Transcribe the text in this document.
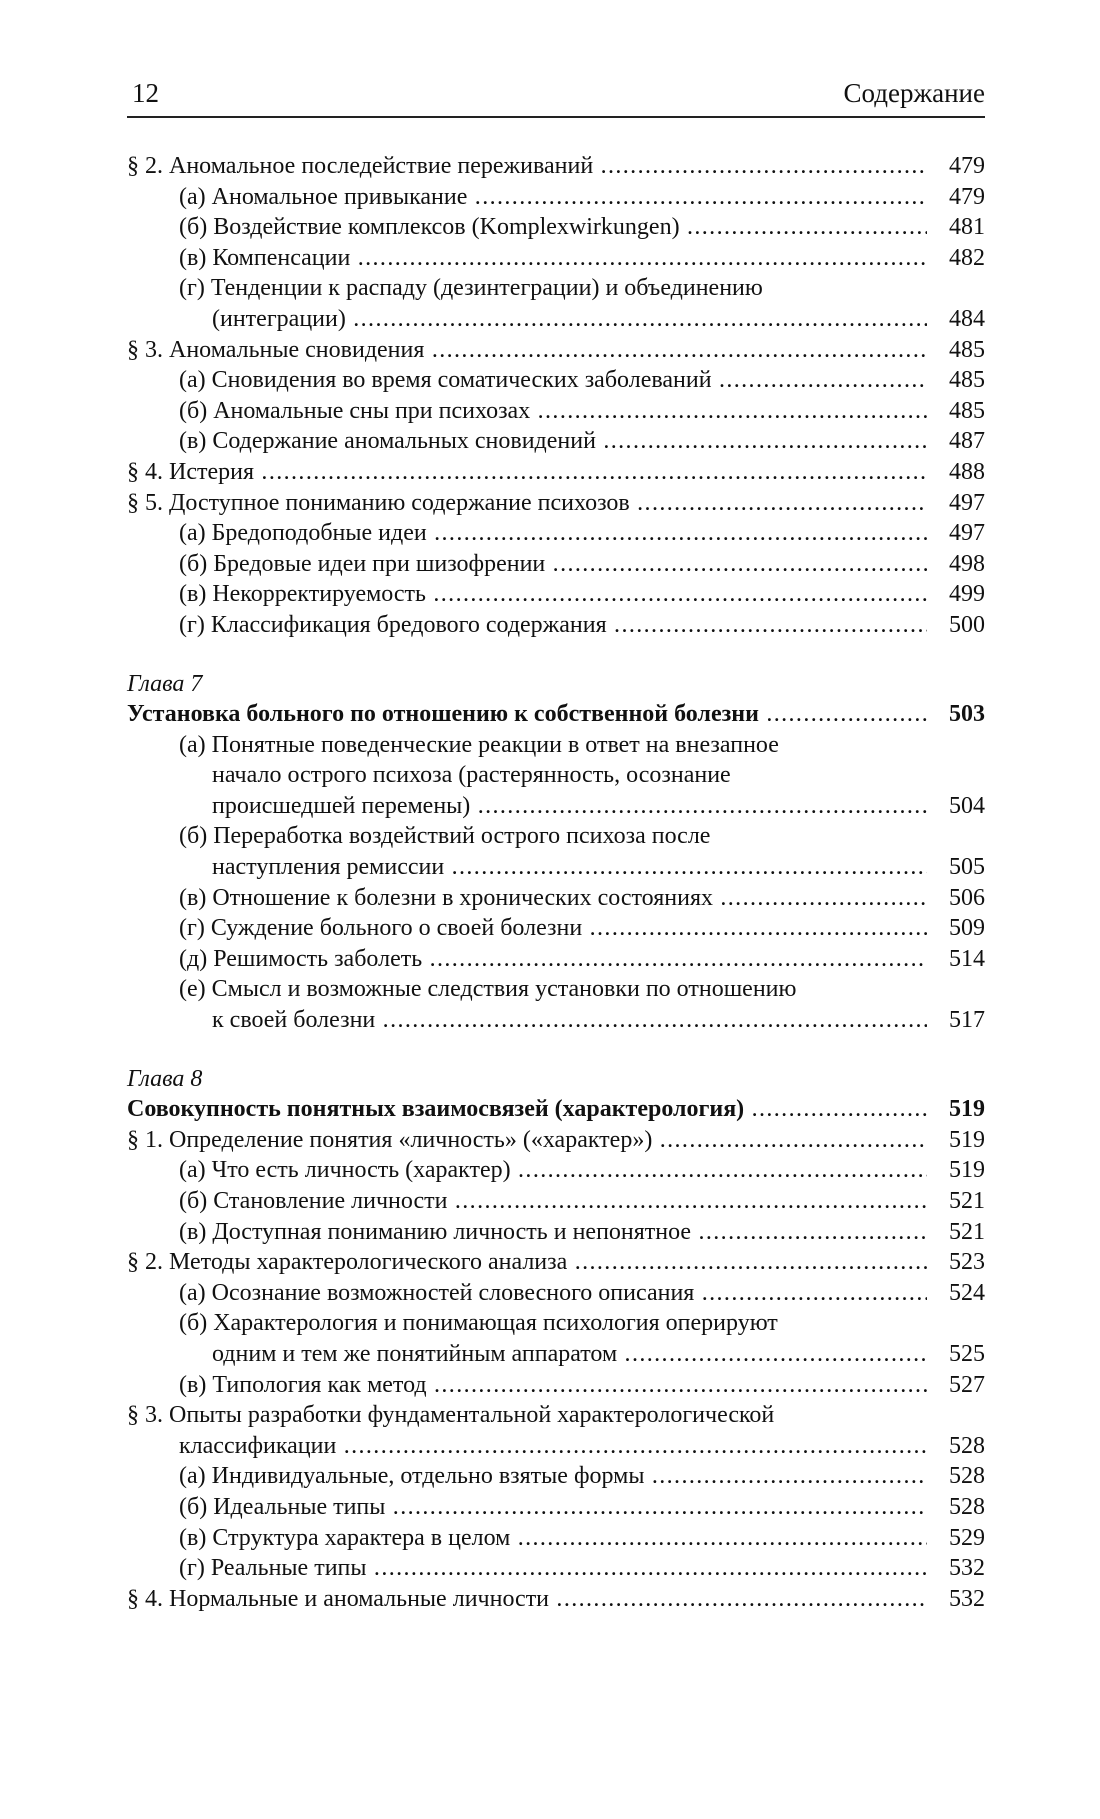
12	Содержание
§ 2. Аномальное последействие переживаний .....	479
(а) Аномальное привыкание .....	479
(б) Воздействие комплексов (Komplexwirkungen) .....	481
(в) Компенсации .....	482
(г) Тенденции к распаду (дезинтеграции) и объединению
(интеграции) .....	484
§ 3. Аномальные сновидения .....	485
(а) Сновидения во время соматических заболеваний .....	485
(б) Аномальные сны при психозах .....	485
(в) Содержание аномальных сновидений .....	487
§ 4. Истерия .....	488
§ 5. Доступное пониманию содержание психозов .....	497
(а) Бредоподобные идеи .....	497
(б) Бредовые идеи при шизофрении .....	498
(в) Некорректируемость .....	499
(г) Классификация бредового содержания .....	500
Глава 7
Установка больного по отношению к собственной болезни .....	503
(а) Понятные поведенческие реакции в ответ на внезапное
начало острого психоза (растерянность, осознание
происшедшей перемены) .....	504
(б) Переработка воздействий острого психоза после
наступления ремиссии .....	505
(в) Отношение к болезни в хронических состояниях .....	506
(г) Суждение больного о своей болезни .....	509
(д) Решимость заболеть .....	514
(е) Смысл и возможные следствия установки по отношению
к своей болезни .....	517
Глава 8
Совокупность понятных взаимосвязей (характерология) .....	519
§ 1. Определение понятия «личность» («характер») .....	519
(а) Что есть личность (характер) .....	519
(б) Становление личности .....	521
(в) Доступная пониманию личность и непонятное .....	521
§ 2. Методы характерологического анализа .....	523
(а) Осознание возможностей словесного описания .....	524
(б) Характерология и понимающая психология оперируют
одним и тем же понятийным аппаратом .....	525
(в) Типология как метод .....	527
§ 3. Опыты разработки фундаментальной характерологической
классификации .....	528
(а) Индивидуальные, отдельно взятые формы .....	528
(б) Идеальные типы .....	528
(в) Структура характера в целом .....	529
(г) Реальные типы .....	532
§ 4. Нормальные и аномальные личности .....	532
